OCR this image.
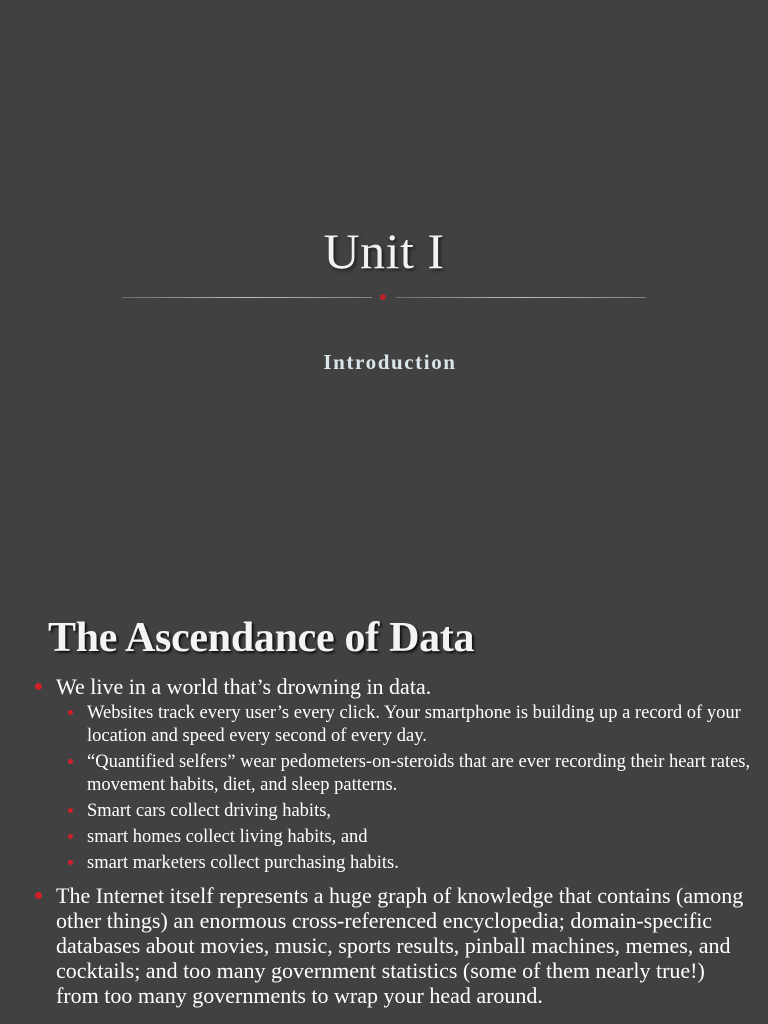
Unit I
Introduction
The Ascendance of Data
We live in a world that’s drowning in data.
Websites track every user’s every click. Your smartphone is building up a record of your location and speed every second of every day.
“Quantified selfers” wear pedometers-on-steroids that are ever recording their heart rates, movement habits, diet, and sleep patterns.
Smart cars collect driving habits,
smart homes collect living habits, and
smart marketers collect purchasing habits.
The Internet itself represents a huge graph of knowledge that contains (among other things) an enormous cross-referenced encyclopedia; domain-specific databases about movies, music, sports results, pinball machines, memes, and cocktails; and too many government statistics (some of them nearly true!) from too many governments to wrap your head around.
